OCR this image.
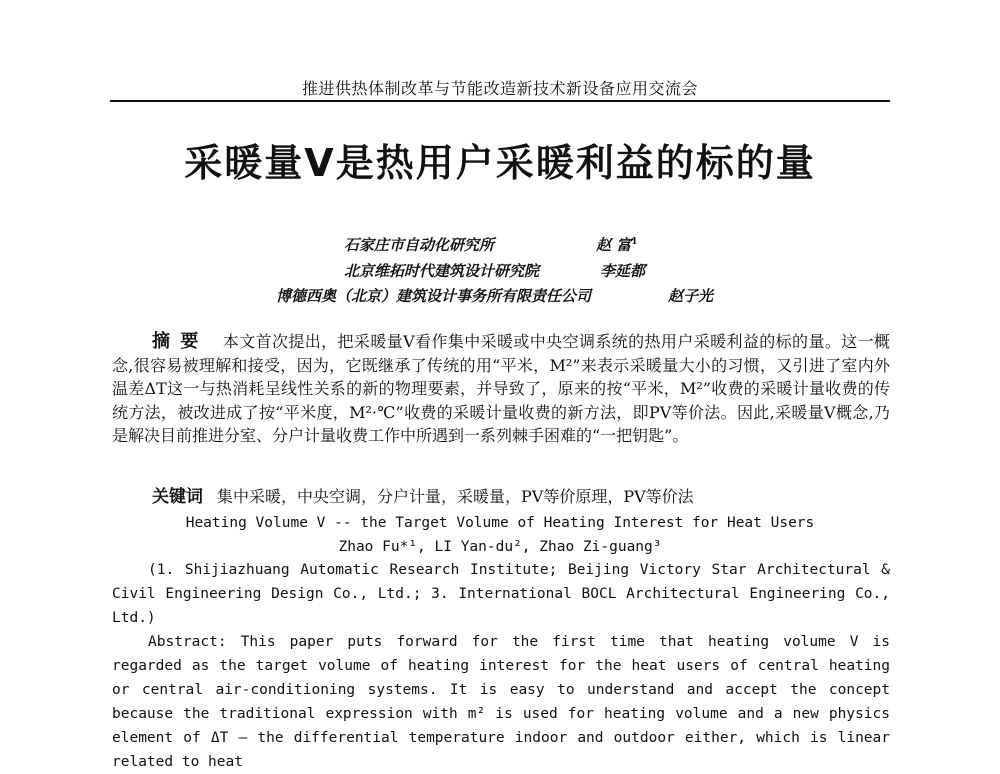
推进供热体制改革与节能改造新技术新设备应用交流会
采暖量V是热用户采暖利益的标的量
石家庄市自动化研究所	赵 富$^1$
北京维拓时代建筑设计研究院	李延都
博德西奥（北京）建筑设计事务所有限责任公司	赵子光
摘要 本文首次提出，把采暖量V看作集中采暖或中央空调系统的热用户采暖利益的标的量。这一概念,很容易被理解和接受，因为，它既继承了传统的用“平米，M²”来表示采暖量大小的习惯，又引进了室内外温差ΔT这一与热消耗呈线性关系的新的物理要素，并导致了，原来的按“平米，M²”收费的采暖计量收费的传统方法，被改进成了按“平米度，M²·℃”收费的采暖计量收费的新方法，即PV等价法。因此,采暖量V概念,乃是解决目前推进分室、分户计量收费工作中所遇到一系列棘手困难的“一把钥匙”。
关键词 集中采暖，中央空调，分户计量，采暖量，PV等价原理，PV等价法
Heating Volume V -- the Target Volume of Heating Interest for Heat Users
Zhao Fu*¹, LI Yan-du², Zhao Zi-guang³
(1. Shijiazhuang Automatic Research Institute; Beijing Victory Star Architectural & Civil Engineering Design Co., Ltd.; 3. International BOCL Architectural Engineering Co., Ltd.)
Abstract: This paper puts forward for the first time that heating volume V is regarded as the target volume of heating interest for the heat users of central heating or central air-conditioning systems. It is easy to understand and accept the concept because the traditional expression with m² is used for heating volume and a new physics element of ΔT — the differential temperature indoor and outdoor either, which is linear related to heat
